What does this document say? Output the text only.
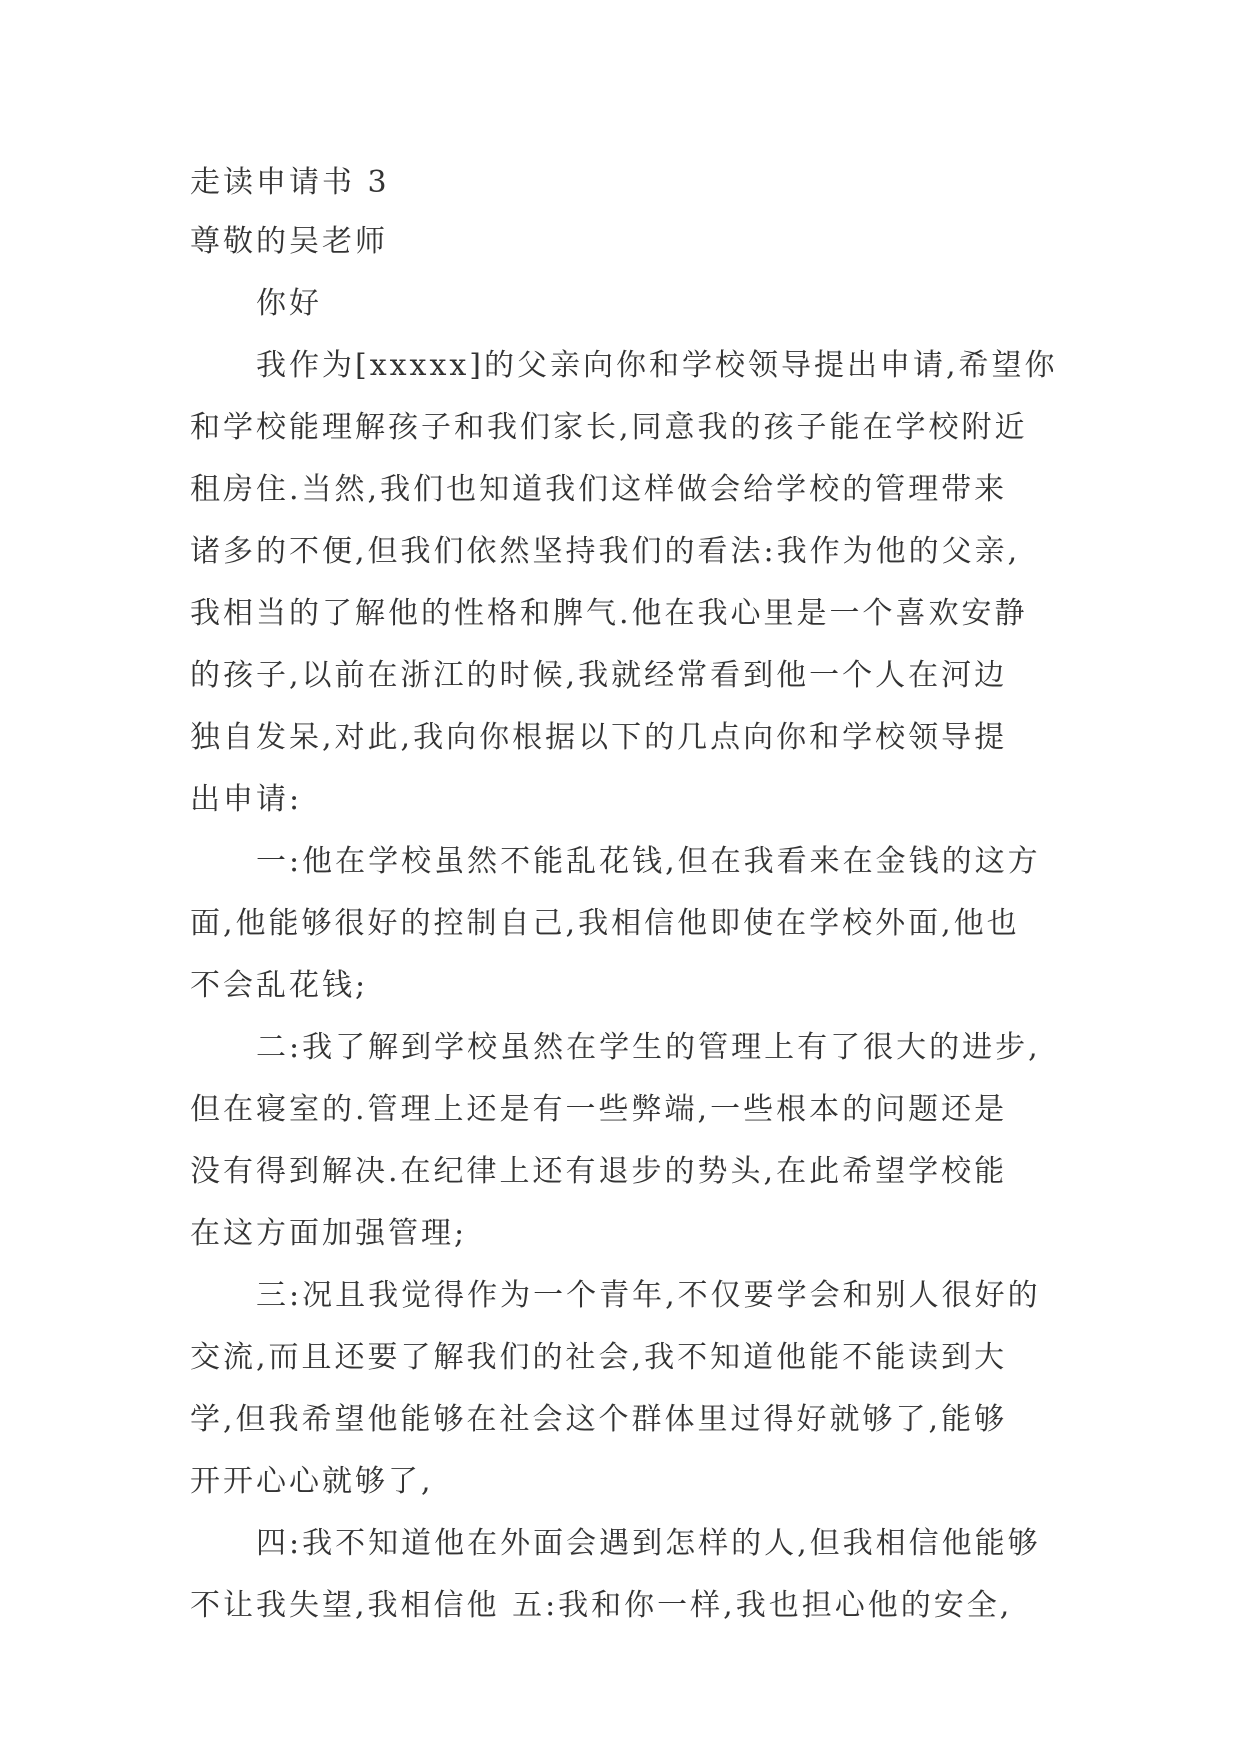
走读申请书 3
尊敬的吴老师
你好
我作为[xxxxx]的父亲向你和学校领导提出申请,希望你
和学校能理解孩子和我们家长,同意我的孩子能在学校附近
租房住.当然,我们也知道我们这样做会给学校的管理带来
诸多的不便,但我们依然坚持我们的看法:我作为他的父亲,
我相当的了解他的性格和脾气.他在我心里是一个喜欢安静
的孩子,以前在浙江的时候,我就经常看到他一个人在河边
独自发呆,对此,我向你根据以下的几点向你和学校领导提
出申请:
一:他在学校虽然不能乱花钱,但在我看来在金钱的这方
面,他能够很好的控制自己,我相信他即使在学校外面,他也
不会乱花钱;
二:我了解到学校虽然在学生的管理上有了很大的进步,
但在寝室的.管理上还是有一些弊端,一些根本的问题还是
没有得到解决.在纪律上还有退步的势头,在此希望学校能
在这方面加强管理;
三:况且我觉得作为一个青年,不仅要学会和别人很好的
交流,而且还要了解我们的社会,我不知道他能不能读到大
学,但我希望他能够在社会这个群体里过得好就够了,能够
开开心心就够了,
四:我不知道他在外面会遇到怎样的人,但我相信他能够
不让我失望,我相信他 五:我和你一样,我也担心他的安全,
